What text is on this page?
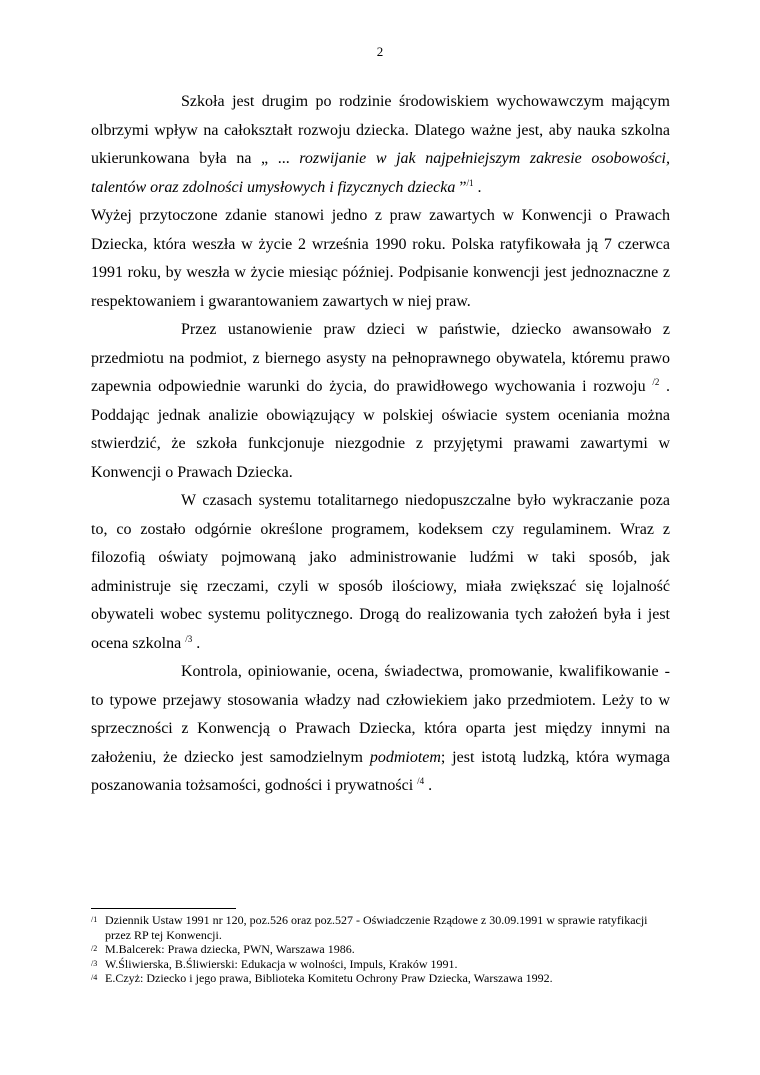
2

Szkoła jest drugim po rodzinie środowiskiem wychowawczym mającym olbrzymi wpływ na całokształt rozwoju dziecka. Dlatego ważne jest, aby nauka szkolna ukierunkowana była na „ ... rozwijanie w jak najpełniejszym zakresie osobowości, talentów oraz zdolności umysłowych i fizycznych dziecka ”$^{/1}$ .

Wyżej przytoczone zdanie stanowi jedno z praw zawartych w Konwencji o Prawach Dziecka, która weszła w życie 2 września 1990 roku. Polska ratyfikowała ją 7 czerwca 1991 roku, by weszła w życie miesiąc później. Podpisanie konwencji jest jednoznaczne z respektowaniem i gwarantowaniem zawartych w niej praw.

Przez ustanowienie praw dzieci w państwie, dziecko awansowało z przedmiotu na podmiot, z biernego asysty na pełnoprawnego obywatela, któremu prawo zapewnia odpowiednie warunki do życia, do prawidłowego wychowania i rozwoju $^{/2}$ . Poddając jednak analizie obowiązujący w polskiej oświacie system oceniania można stwierdzić, że szkoła funkcjonuje niezgodnie z przyjętymi prawami zawartymi w Konwencji o Prawach Dziecka.

W czasach systemu totalitarnego niedopuszczalne było wykraczanie poza to, co zostało odgórnie określone programem, kodeksem czy regulaminem. Wraz z filozofią oświaty pojmowaną jako administrowanie ludźmi w taki sposób, jak administruje się rzeczami, czyli w sposób ilościowy, miała zwiększać się lojalność obywateli wobec systemu politycznego. Drogą do realizowania tych założeń była i jest ocena szkolna $^{/3}$ .

Kontrola, opiniowanie, ocena, świadectwa, promowanie, kwalifikowanie - to typowe przejawy stosowania władzy nad człowiekiem jako przedmiotem. Leży to w sprzeczności z Konwencją o Prawach Dziecka, która oparta jest między innymi na założeniu, że dziecko jest samodzielnym podmiotem; jest istotą ludzką, która wymaga poszanowania tożsamości, godności i prywatności $^{/4}$ .

/1 Dziennik Ustaw 1991 nr 120, poz.526 oraz poz.527 - Oświadczenie Rządowe z 30.09.1991 w sprawie ratyfikacji przez RP tej Konwencji.
/2 M.Balcerek: Prawa dziecka, PWN, Warszawa 1986.
/3 W.Śliwierska, B.Śliwierski: Edukacja w wolności, Impuls, Kraków 1991.
/4 E.Czyż: Dziecko i jego prawa, Biblioteka Komitetu Ochrony Praw Dziecka, Warszawa 1992.
